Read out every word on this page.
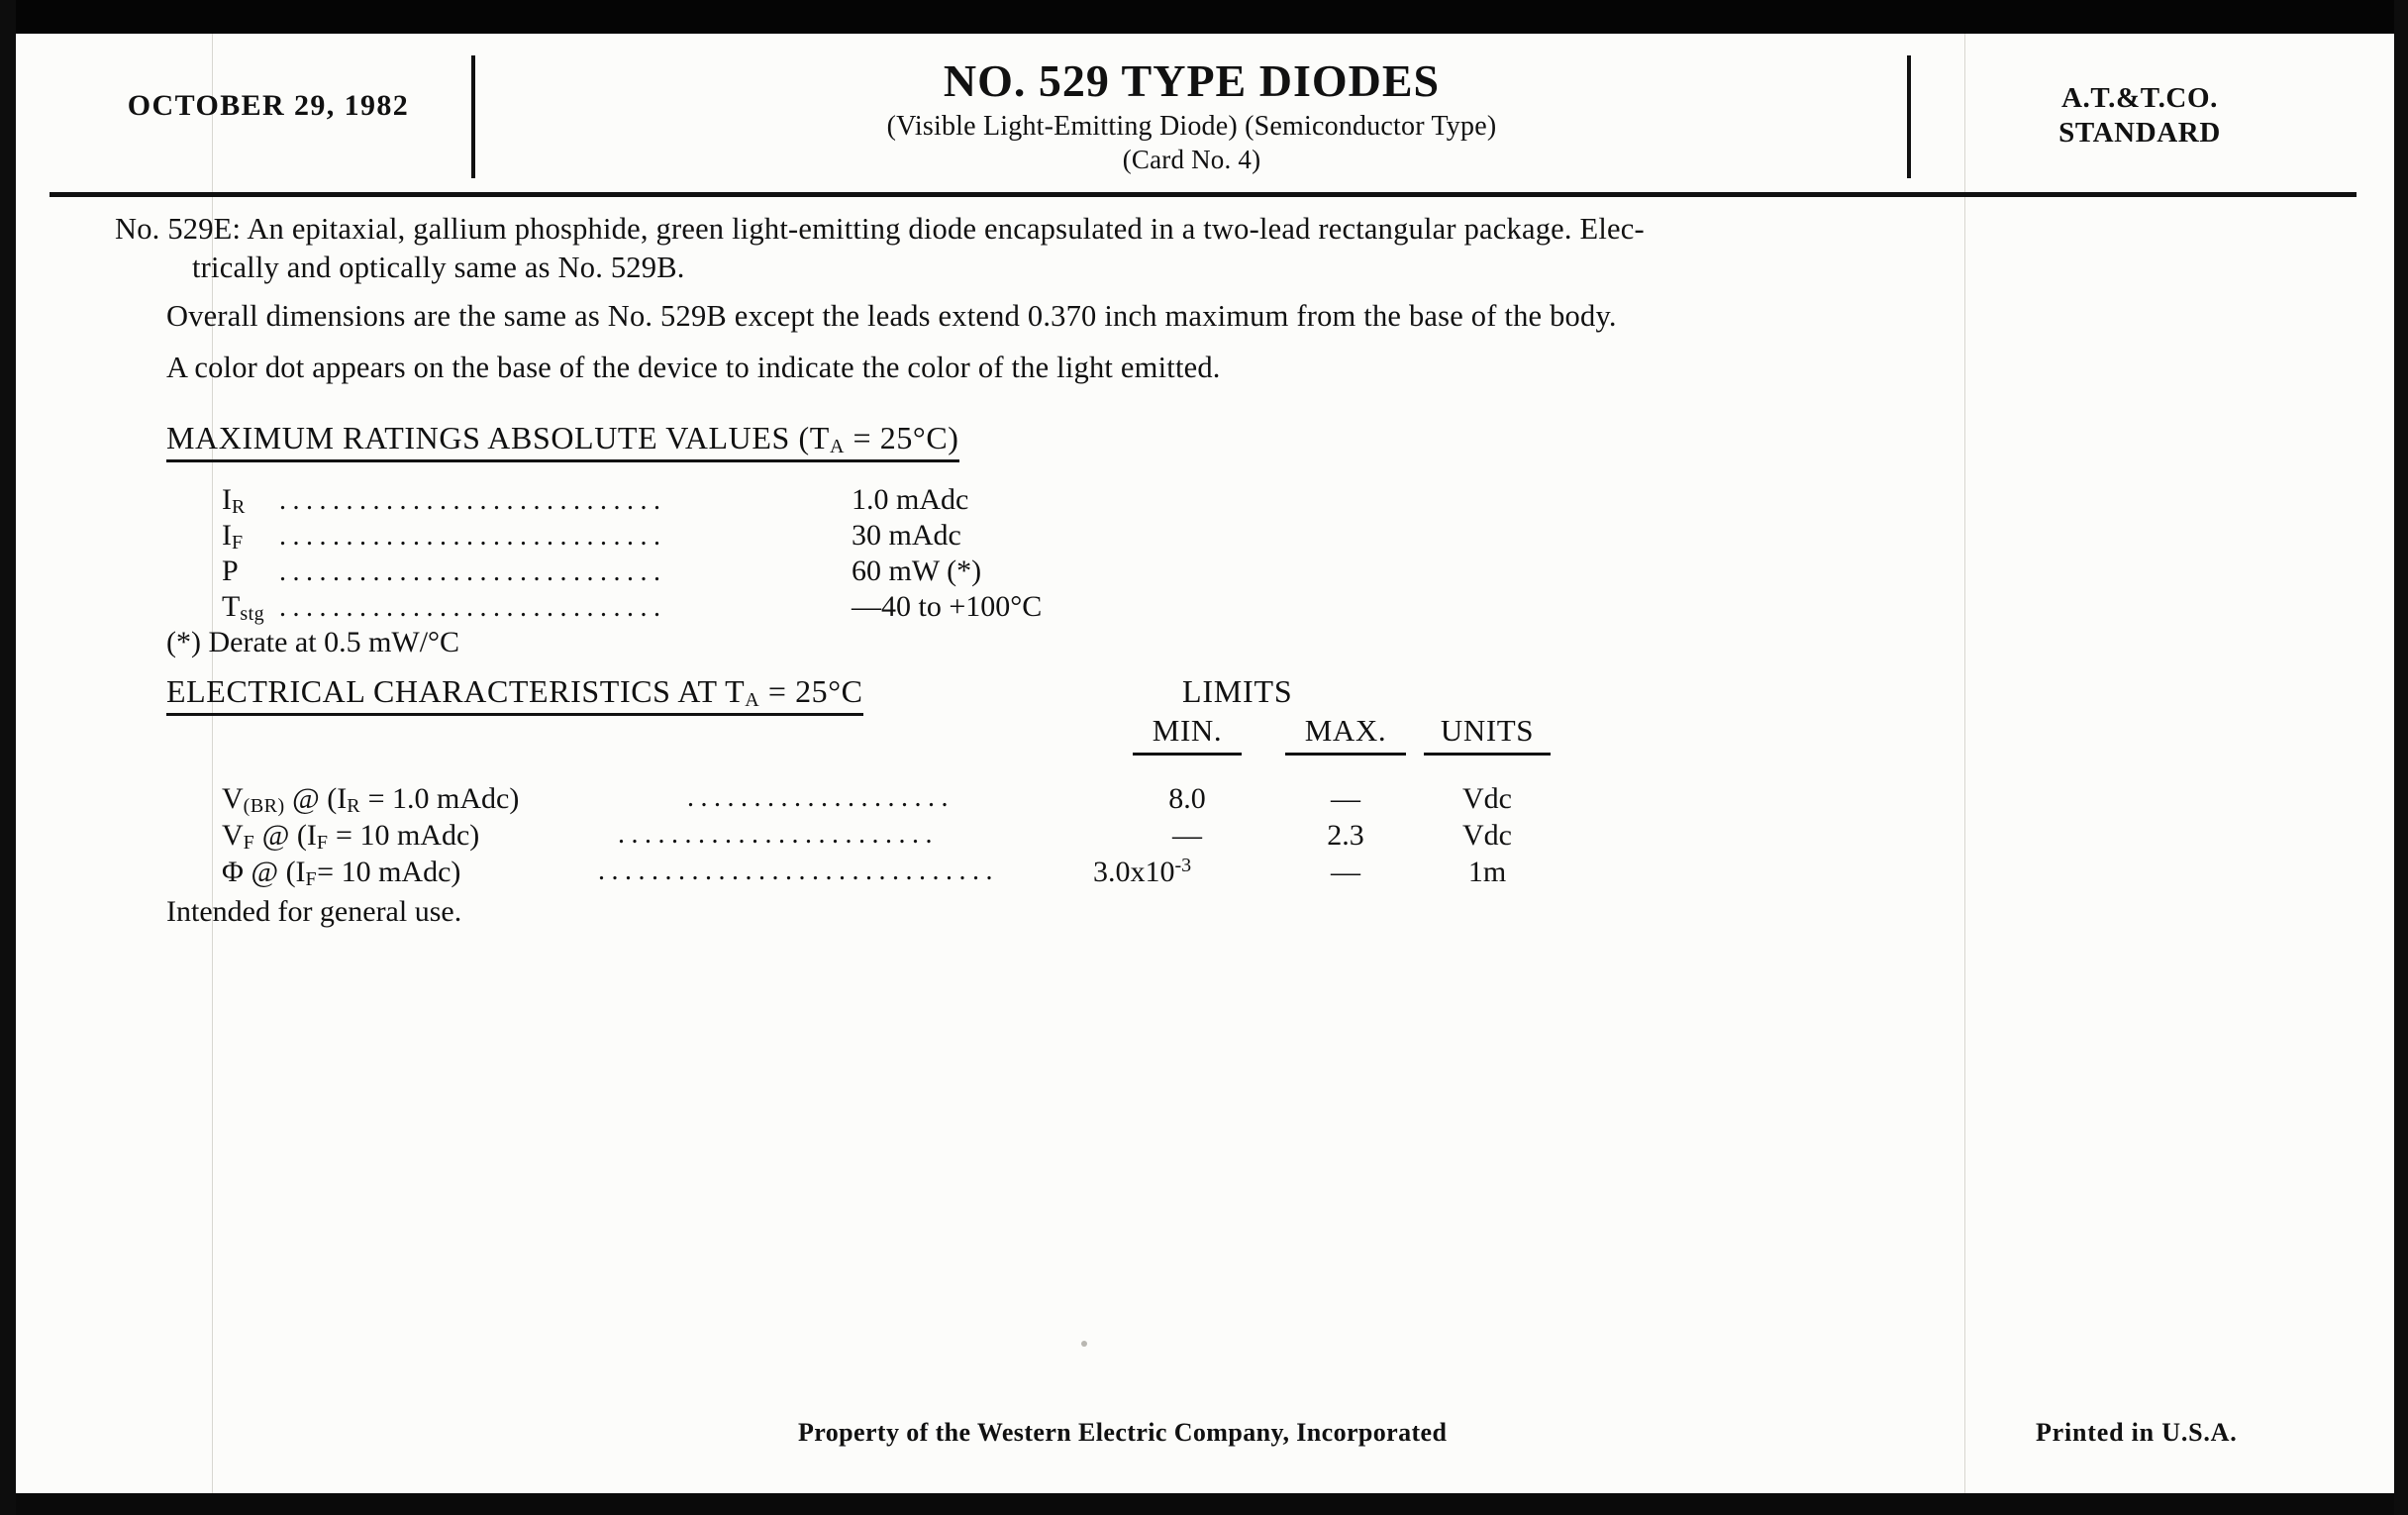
OCTOBER 29, 1982	NO. 529 TYPE DIODES
(Visible Light-Emitting Diode) (Semiconductor Type)
(Card No. 4)
A.T.&T.CO.
STANDARD
No. 529E: An epitaxial, gallium phosphide, green light-emitting diode encapsulated in a two-lead rectangular package. Elec-
trically and optically same as No. 529B.
Overall dimensions are the same as No. 529B except the leads extend 0.370 inch maximum from the base of the body.
A color dot appears on the base of the device to indicate the color of the light emitted.
MAXIMUM RATINGS ABSOLUTE VALUES (TA = 25°C)
IR	.............................	1.0 mAdc
IF	.............................	30 mAdc
P	.............................	60 mW (*)
Tstg .............................	—40 to +100°C
(*) Derate at 0.5 mW/°C
ELECTRICAL CHARACTERISTICS AT TA = 25°C	LIMITS
MIN.	MAX.	UNITS
V(BR) @ (IR = 1.0 mAdc)	....................	8.0	—	Vdc
VF @ (IF = 10 mAdc)	........................	—	2.3	Vdc
Φ @ (IF= 10 mAdc)	..............................	$3.0x10^{-3}$	—	1m
Intended for general use.
Property of the Western Electric Company, Incorporated	Printed in U.S.A.
